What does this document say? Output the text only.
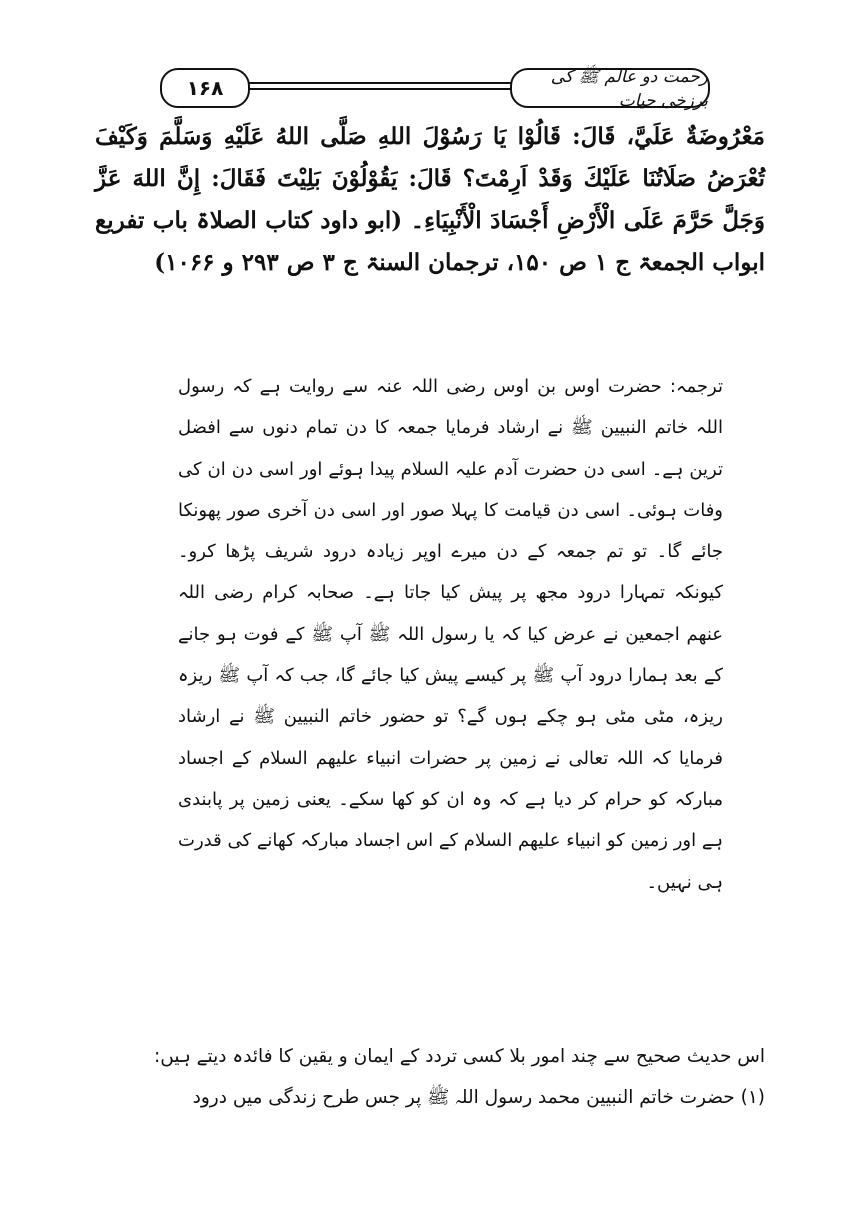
۱۶۸	رحمت دو عالم ﷺ کی برزخی حیات

مَعْرُوضَةٌ عَلَيَّ، قَالَ: قَالُوْا يَا رَسُوْلَ اللهِ صَلَّى اللهُ عَلَيْهِ وَسَلَّمَ وَكَيْفَ تُعْرَضُ صَلَاتُنَا عَلَيْكَ وَقَدْ اَرِمْتَ؟ قَالَ: يَقُوْلُوْنَ بَلِيْتَ فَقَالَ: إِنَّ اللهَ عَزَّ وَجَلَّ حَرَّمَ عَلَى الْأَرْضِ أَجْسَادَ الْأَنْبِيَاءِ۔ (ابو داود کتاب الصلاۃ باب تفریع ابواب الجمعۃ ج ۱ ص ۱۵۰، ترجمان السنۃ ج ۳ ص ۲۹۳ و ۱۰۶۶)

ترجمہ: حضرت اوس بن اوس رضی اللہ عنہ سے روایت ہے کہ رسول اللہ خاتم النبیین ﷺ نے ارشاد فرمایا جمعہ کا دن تمام دنوں سے افضل ترین ہے۔ اسی دن حضرت آدم علیہ السلام پیدا ہوئے اور اسی دن ان کی وفات ہوئی۔ اسی دن قیامت کا پہلا صور اور اسی دن آخری صور پھونکا جائے گا۔ تو تم جمعہ کے دن میرے اوپر زیادہ درود شریف پڑھا کرو۔ کیونکہ تمہارا درود مجھ پر پیش کیا جاتا ہے۔ صحابہ کرام رضی اللہ عنھم اجمعین نے عرض کیا کہ یا رسول اللہ ﷺ آپ ﷺ کے فوت ہو جانے کے بعد ہمارا درود آپ ﷺ پر کیسے پیش کیا جائے گا، جب کہ آپ ﷺ ریزہ ریزہ، مٹی مٹی ہو چکے ہوں گے؟ تو حضور خاتم النبیین ﷺ نے ارشاد فرمایا کہ اللہ تعالی نے زمین پر حضرات انبیاء علیھم السلام کے اجساد مبارکہ کو حرام کر دیا ہے کہ وہ ان کو کھا سکے۔ یعنی زمین پر پابندی ہے اور زمین کو انبیاء علیھم السلام کے اس اجساد مبارکہ کھانے کی قدرت ہی نہیں۔

اس حدیث صحیح سے چند امور بلا کسی تردد کے ایمان و یقین کا فائدہ دیتے ہیں:

(۱) حضرت خاتم النبیین محمد رسول اللہ ﷺ پر جس طرح زندگی میں درود
